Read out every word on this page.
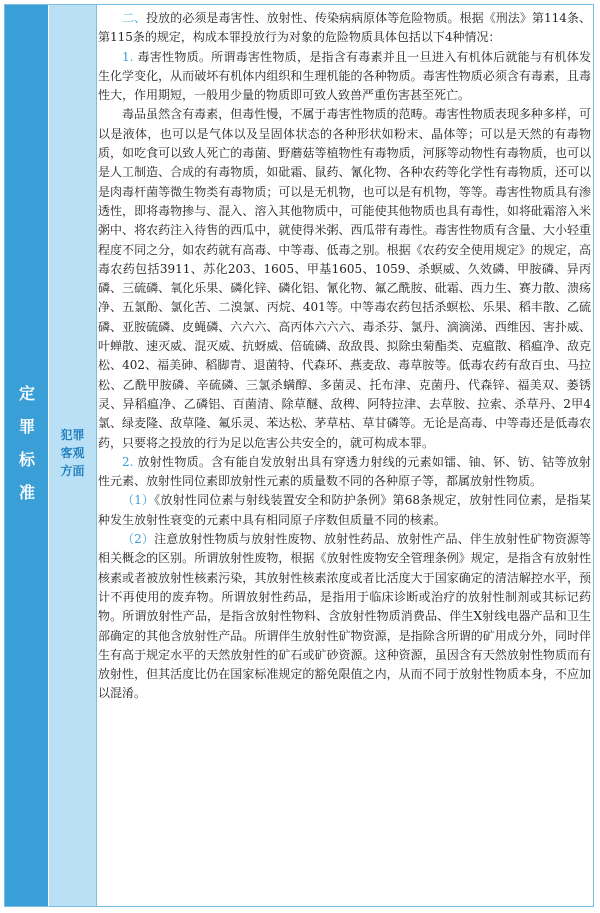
定
罪
标
准
犯罪
客观
方面

二、投放的必须是毒害性、放射性、传染病病原体等危险物质。根据《刑法》第114条、第115条的规定，构成本罪投放行为对象的危险物质具体包括以下4种情况：

1. 毒害性物质。所谓毒害性物质，是指含有毒素并且一旦进入有机体后就能与有机体发生化学变化，从而破坏有机体内组织和生理机能的各种物质。毒害性物质必须含有毒素，且毒性大，作用期短，一般用少量的物质即可致人致兽严重伤害甚至死亡。

毒品虽然含有毒素，但毒性慢，不属于毒害性物质的范畴。毒害性物质表现多种多样，可以是液体，也可以是气体以及呈固体状态的各种形状如粉末、晶体等；可以是天然的有毒物质，如吃食可以致人死亡的毒菌、野蘑菇等植物性有毒物质，河豚等动物性有毒物质，也可以是人工制造、合成的有毒物质，如砒霜、鼠药、氰化物、各种农药等化学性有毒物质，还可以是肉毒杆菌等微生物类有毒物质；可以是无机物，也可以是有机物，等等。毒害性物质具有渗透性，即将毒物掺与、混入、溶入其他物质中，可能使其他物质也具有毒性，如将砒霜溶入米粥中、将农药注入待售的西瓜中，就使得米粥、西瓜带有毒性。毒害性物质有含量、大小轻重程度不同之分，如农药就有高毒、中等毒、低毒之别。根据《农药安全使用规定》的规定，高毒农药包括3911、苏化203、1605、甲基1605、1059、杀螟威、久效磷、甲胺磷、异丙磷、三硫磷、氧化乐果、磷化锌、磷化铝、氰化物、氟乙酰胺、砒霜、西力生、赛力散、溃疡净、五氯酚、氯化苦、二溴氯、丙烷、401等。中等毒农药包括杀螟松、乐果、稻丰散、乙硫磷、亚胺硫磷、皮蝇磷、六六六、高丙体六六六、毒杀芬、氯丹、滴滴涕、西维因、害扑威、叶蝉散、速灭威、混灭威、抗蚜威、倍硫磷、敌敌畏、拟除虫菊酯类、克瘟散、稻瘟净、敌克松、402、福美砷、稻脚青、退菌特、代森环、燕麦敌、毒草胺等。低毒农药有敌百虫、马拉松、乙酰甲胺磷、辛硫磷、三氯杀螨醇、多菌灵、托布津、克菌丹、代森锌、福美双、萎锈灵、异稻瘟净、乙磷铝、百菌清、除草醚、敌稗、阿特拉津、去草胺、拉索、杀草丹、2甲4氯、绿麦隆、敌草隆、氟乐灵、苯达松、茅草枯、草甘磷等。无论是高毒、中等毒还是低毒农药，只要将之投放的行为足以危害公共安全的，就可构成本罪。

2. 放射性物质。含有能自发放射出具有穿透力射线的元素如镭、铀、钚、钫、钴等放射性元素、放射性同位素即放射性元素的质量数不同的各种原子等，都属放射性物质。

（1）《放射性同位素与射线装置安全和防护条例》第68条规定，放射性同位素，是指某种发生放射性衰变的元素中具有相同原子序数但质量不同的核素。

（2）注意放射性物质与放射性废物、放射性药品、放射性产品、伴生放射性矿物资源等相关概念的区别。所谓放射性废物，根据《放射性废物安全管理条例》规定，是指含有放射性核素或者被放射性核素污染，其放射性核素浓度或者比活度大于国家确定的清洁解控水平，预计不再使用的废弃物。所谓放射性药品，是指用于临床诊断或治疗的放射性制剂或其标记药物。所谓放射性产品，是指含放射性物料、含放射性物质消费品、伴生X射线电器产品和卫生部确定的其他含放射性产品。所谓伴生放射性矿物资源，是指除含所谓的矿用成分外，同时伴生有高于规定水平的天然放射性的矿石或矿砂资源。这种资源，虽因含有天然放射性物质而有放射性，但其活度比仍在国家标准规定的豁免限值之内，从而不同于放射性物质本身，不应加以混淆。
